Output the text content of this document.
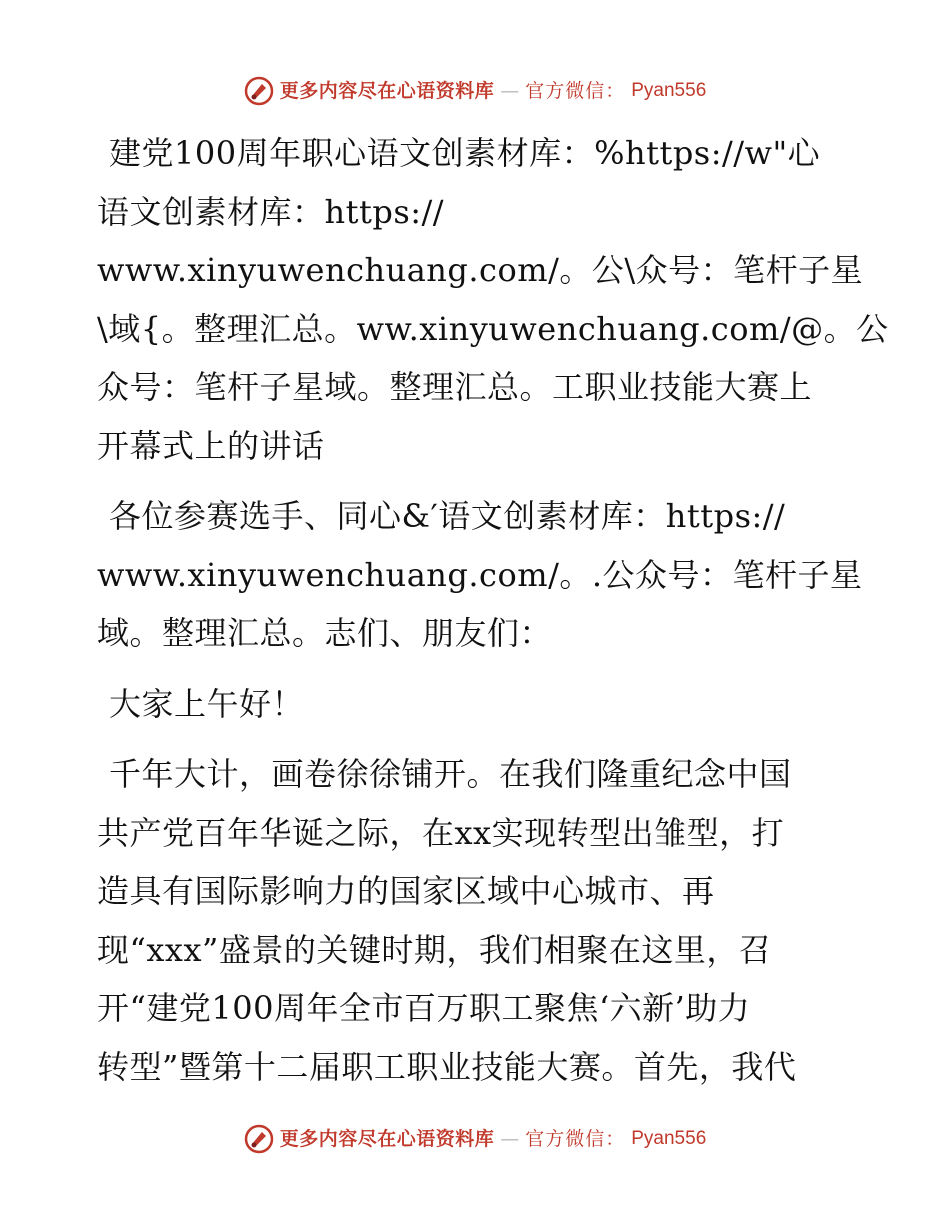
更多内容尽在心语资料库 — 官方微信： Pyan556
建党100周年职心语文创素材库：%https://w"心
语文创素材库：https://
www.xinyuwenchuang.com/。公\众号：笔杆子星
\域{。整理汇总。ww.xinyuwenchuang.com/@。公
众号：笔杆子星域。整理汇总。工职业技能大赛上
开幕式上的讲话
各位参赛选手、同心&′语文创素材库：https://
www.xinyuwenchuang.com/。.公众号：笔杆子星
域。整理汇总。志们、朋友们：
大家上午好！
千年大计，画卷徐徐铺开。在我们隆重纪念中国
共产党百年华诞之际，在xx实现转型出雏型，打
造具有国际影响力的国家区域中心城市、再
现“xxx”盛景的关键时期，我们相聚在这里，召
开“建党100周年全市百万职工聚焦‘六新’助力
转型”暨第十二届职工职业技能大赛。首先，我代
更多内容尽在心语资料库 — 官方微信： Pyan556
